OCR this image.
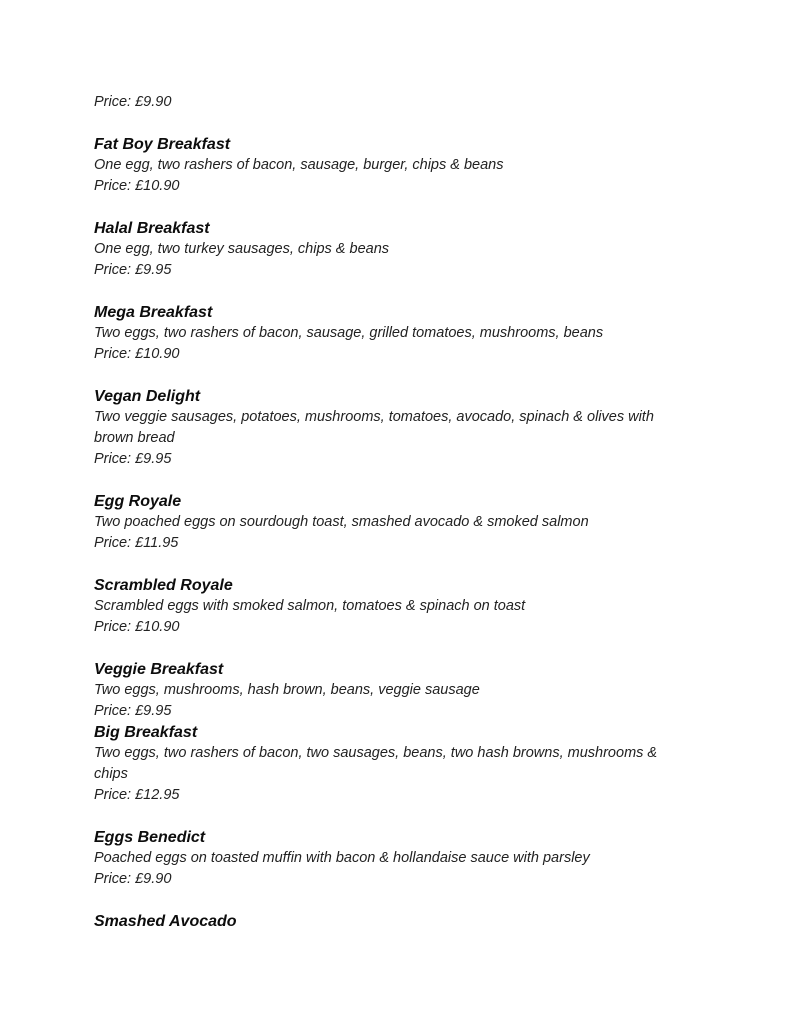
Price: £9.90
Fat Boy Breakfast
One egg, two rashers of bacon, sausage, burger, chips & beans
Price: £10.90
Halal Breakfast
One egg, two turkey sausages, chips & beans
Price: £9.95
Mega Breakfast
Two eggs, two rashers of bacon, sausage, grilled tomatoes, mushrooms, beans
Price: £10.90
Vegan Delight
Two veggie sausages, potatoes, mushrooms, tomatoes, avocado, spinach & olives with
brown bread
Price: £9.95
Egg Royale
Two poached eggs on sourdough toast, smashed avocado & smoked salmon
Price: £11.95
Scrambled Royale
Scrambled eggs with smoked salmon, tomatoes & spinach on toast
Price: £10.90
Veggie Breakfast
Two eggs, mushrooms, hash brown, beans, veggie sausage
Price: £9.95
Big Breakfast
Two eggs, two rashers of bacon, two sausages, beans, two hash browns, mushrooms &
chips
Price: £12.95
Eggs Benedict
Poached eggs on toasted muffin with bacon & hollandaise sauce with parsley
Price: £9.90
Smashed Avocado
